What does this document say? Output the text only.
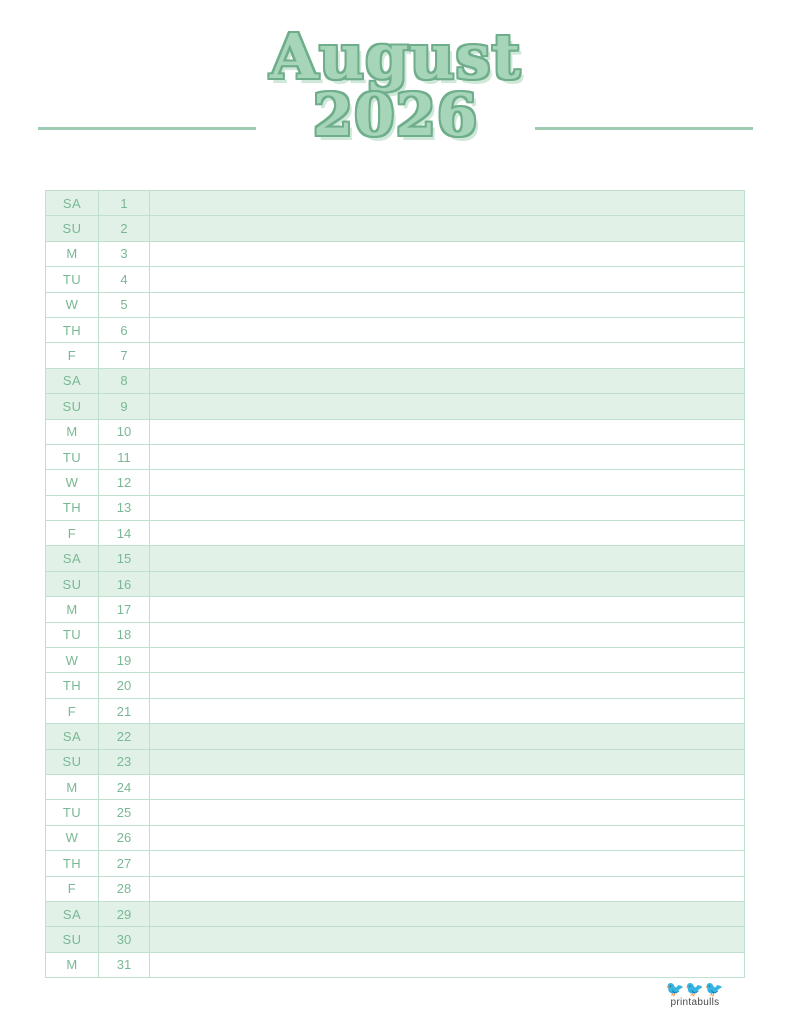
August
2026
SA	1	
SU	2	
M	3	
TU	4	
W	5	
TH	6	
F	7	
SA	8	
SU	9	
M	10	
TU	11	
W	12	
TH	13	
F	14	
SA	15	
SU	16	
M	17	
TU	18	
W	19	
TH	20	
F	21	
SA	22	
SU	23	
M	24	
TU	25	
W	26	
TH	27	
F	28	
SA	29	
SU	30	
M	31	
🐦🐦🐦
printabulls
